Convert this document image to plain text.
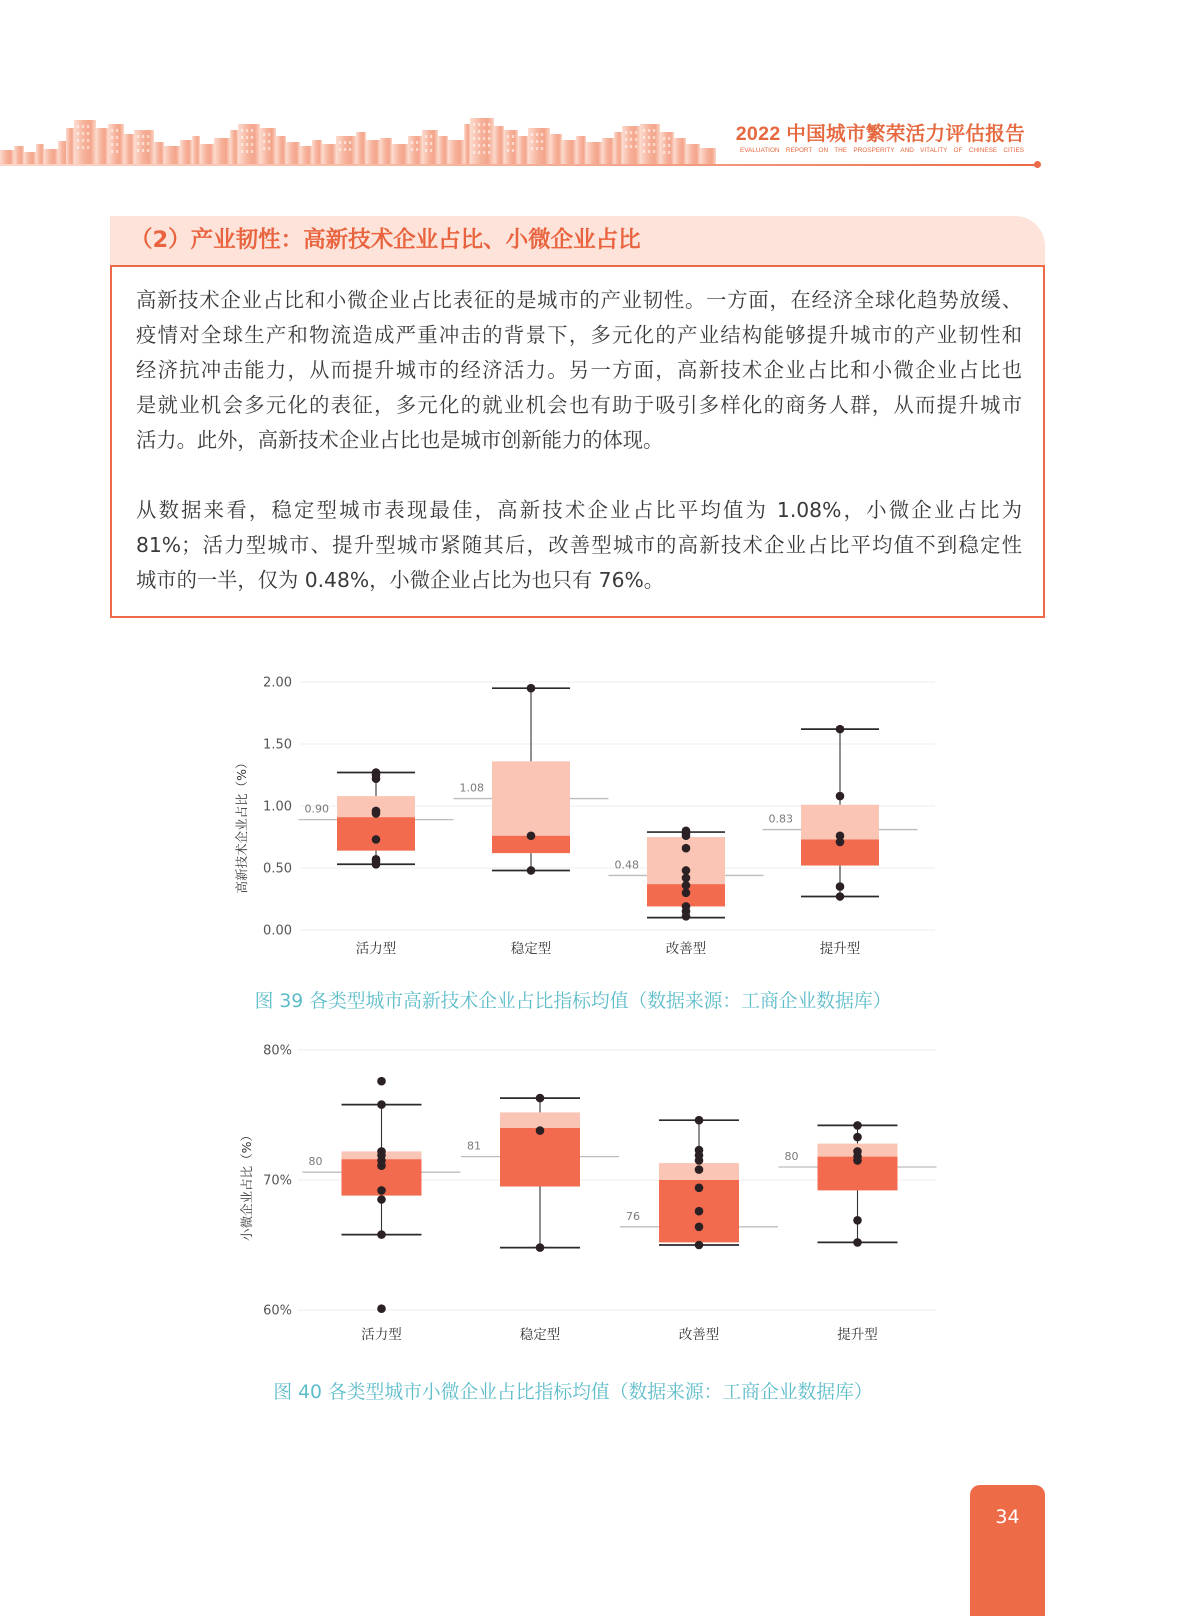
2022 中国城市繁荣活力评估报告
EVALUATION REPORT ON THE PROSPERITY AND VITALITY OF CHINESE CITIES
（2）产业韧性：高新技术企业占比、小微企业占比
高新技术企业占比和小微企业占比表征的是城市的产业韧性。一方面，在经济全球化趋势放缓、
疫情对全球生产和物流造成严重冲击的背景下，多元化的产业结构能够提升城市的产业韧性和
经济抗冲击能力，从而提升城市的经济活力。另一方面，高新技术企业占比和小微企业占比也
是就业机会多元化的表征，多元化的就业机会也有助于吸引多样化的商务人群，从而提升城市
活力。此外，高新技术企业占比也是城市创新能力的体现。
从数据来看，稳定型城市表现最佳，高新技术企业占比平均值为 1.08%，小微企业占比为
81%；活力型城市、提升型城市紧随其后，改善型城市的高新技术企业占比平均值不到稳定性
城市的一半，仅为 0.48%，小微企业占比为也只有 76%。
0.00
0.50
1.00
1.50
2.00
高新技术企业占比（%）	0.90
活力型
1.08
稳定型
0.48
改善型
0.83
提升型
图 39 各类型城市高新技术企业占比指标均值（数据来源：工商企业数据库）
60%
70%
80%
小微企业占比（%）	80
活力型
81
稳定型
76
改善型
80
提升型
图 40 各类型城市小微企业占比指标均值（数据来源：工商企业数据库）
34
